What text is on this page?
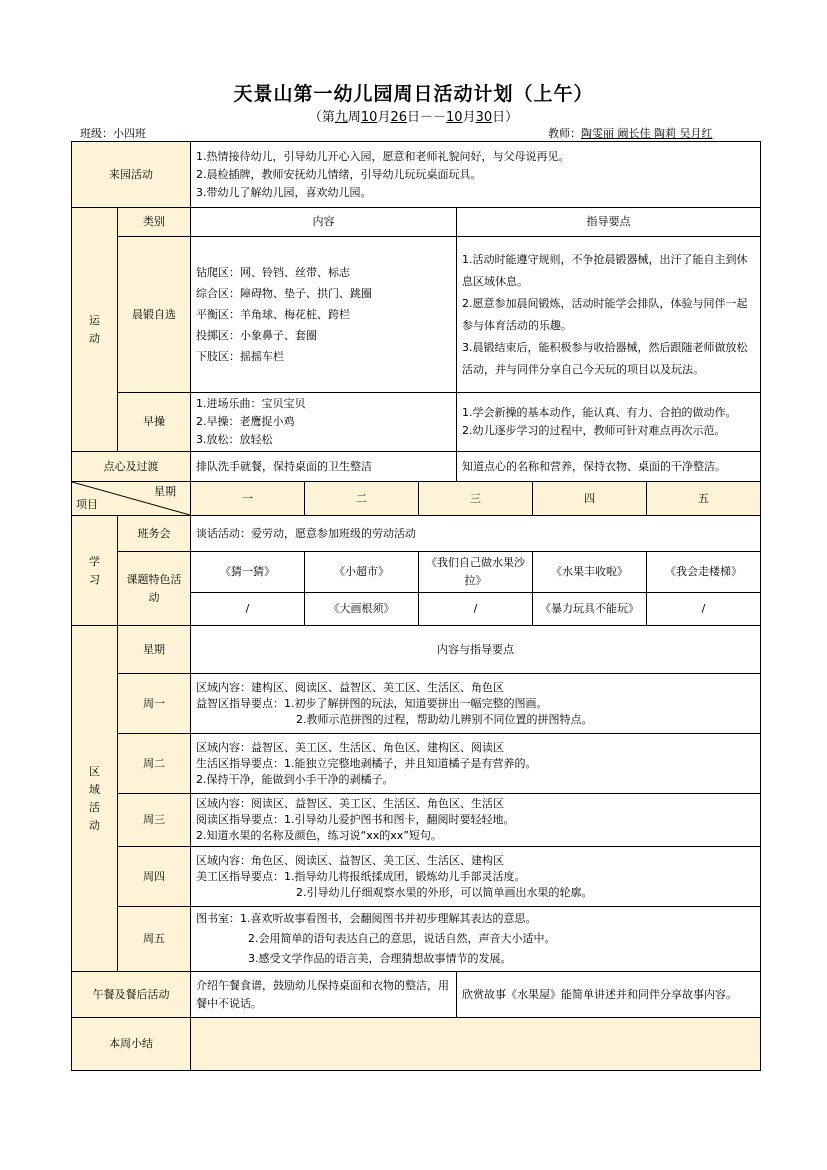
天景山第一幼儿园周日活动计划（上午）
（第九周10月26日－－10月30日）
班级：小四班	教师：陶雯丽 阚长佳 陶莉 吴月红
来园活动		1.热情接待幼儿，引导幼儿开心入园，愿意和老师礼貌问好，与父母说再见。
2.晨检插牌，教师安抚幼儿情绪，引导幼儿玩玩桌面玩具。
3.带幼儿了解幼儿园，喜欢幼儿园。					

运动	类别	内容			指导要点		
	晨锻自选	钻爬区：网、铃铛、丝带、标志
综合区：障碍物、垫子、拱门、跳圈
平衡区：羊角球、梅花桩、跨栏
投掷区：小象鼻子、套圈
下肢区：摇摇车栏			1.活动时能遵守规则，不争抢晨锻器械，出汗了能自主到休息区域休息。
2.愿意参加晨间锻炼，活动时能学会排队，体验与同伴一起参与体育活动的乐趣。
3.晨锻结束后，能积极参与收拾器械，然后跟随老师做放松活动，并与同伴分享自己今天玩的项目以及玩法。		

	早操	1.进场乐曲：宝贝宝贝
2.早操：老鹰捉小鸡
3.放松：放轻松			1.学会新操的基本动作，能认真、有力、合拍的做动作。
2.幼儿逐步学习的过程中，教师可针对难点再次示范。		

点心及过渡		排队洗手就餐，保持桌面的卫生整洁			知道点心的名称和营养，保持衣物、桌面的干净整洁。		

星期
项目		一	二	三		四	五
学习	班务会	谈话活动：爱劳动，愿意参加班级的劳动活动					
	课题特色活动	《猜一猜》	《小超市》	《我们自己做水果沙拉》		《水果丰收啦》	《我会走楼梯》
		/	《大画根须》	/		《暴力玩具不能玩》	/
区域活动	星期	内容与指导要点					
	周一	区域内容：建构区、阅读区、益智区、美工区、生活区、角色区
益智区指导要点：1.初步了解拼图的玩法，知道要拼出一幅完整的图画。
2.教师示范拼图的过程，帮助幼儿辨别不同位置的拼图特点。					

	周二	区域内容：益智区、美工区、生活区、角色区、建构区、阅读区
生活区指导要点：1.能独立完整地剥橘子，并且知道橘子是有营养的。
2.保持干净，能做到小手干净的剥橘子。					

	周三	区域内容：阅读区、益智区、美工区、生活区、角色区、生活区
阅读区指导要点：1.引导幼儿爱护图书和图卡，翻阅时要轻轻地。
2.知道水果的名称及颜色，练习说“xx的xx”短句。					

	周四	区域内容：角色区、阅读区、益智区、美工区、生活区、建构区
美工区指导要点：1.指导幼儿将报纸揉成团，锻炼幼儿手部灵活度。
2.引导幼儿仔细观察水果的外形，可以简单画出水果的轮廓。					

	周五	图书室：1.喜欢听故事看图书，会翻阅图书并初步理解其表达的意思。
2.会用简单的语句表达自己的意思，说话自然，声音大小适中。
3.感受文学作品的语言美，合理猜想故事情节的发展。					

午餐及餐后活动		介绍午餐食谱，鼓励幼儿保持桌面和衣物的整洁，用餐中不说话。			欣赏故事《水果屋》能简单讲述并和同伴分享故事内容。		
本周小结							
